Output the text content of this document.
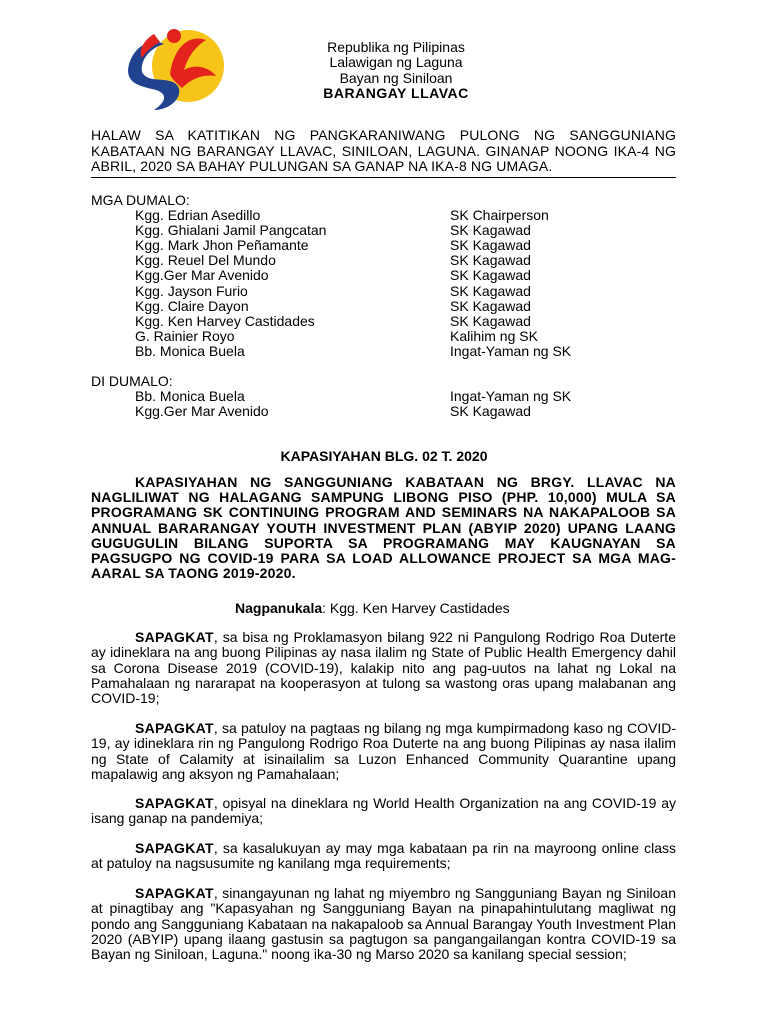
Republika ng Pilipinas
Lalawigan ng Laguna
Bayan ng Siniloan
BARANGAY LLAVAC
HALAW SA KATITIKAN NG PANGKARANIWANG PULONG NG SANGGUNIANG KABATAAN NG BARANGAY LLAVAC, SINILOAN, LAGUNA. GINANAP NOONG IKA-4 NG ABRIL, 2020 SA BAHAY PULUNGAN SA GANAP NA IKA-8 NG UMAGA.
MGA DUMALO:
Kgg. Edrian Asedillo	SK Chairperson
Kgg. Ghialani Jamil Pangcatan	SK Kagawad
Kgg. Mark Jhon Peñamante	SK Kagawad
Kgg. Reuel Del Mundo	SK Kagawad
Kgg.Ger Mar Avenido	SK Kagawad
Kgg. Jayson Furio	SK Kagawad
Kgg. Claire Dayon	SK Kagawad
Kgg. Ken Harvey Castidades	SK Kagawad
G. Rainier Royo	Kalihim ng SK
Bb. Monica Buela	Ingat-Yaman ng SK
DI DUMALO:
Bb. Monica Buela	Ingat-Yaman ng SK
Kgg.Ger Mar Avenido	SK Kagawad
KAPASIYAHAN BLG. 02 T. 2020
KAPASIYAHAN NG SANGGUNIANG KABATAAN NG BRGY. LLAVAC NA NAGLILIWAT NG HALAGANG SAMPUNG LIBONG PISO (PHP. 10,000) MULA SA PROGRAMANG SK CONTINUING PROGRAM AND SEMINARS NA NAKAPALOOB SA ANNUAL BARARANGAY YOUTH INVESTMENT PLAN (ABYIP 2020) UPANG LAANG GUGUGULIN BILANG SUPORTA SA PROGRAMANG MAY KAUGNAYAN SA PAGSUGPO NG COVID-19 PARA SA LOAD ALLOWANCE PROJECT SA MGA MAG-AARAL SA TAONG 2019-2020.
Nagpanukala: Kgg. Ken Harvey Castidades

SAPAGKAT, sa bisa ng Proklamasyon bilang 922 ni Pangulong Rodrigo Roa Duterte ay idineklara na ang buong Pilipinas ay nasa ilalim ng State of Public Health Emergency dahil sa Corona Disease 2019 (COVID-19), kalakip nito ang pag-uutos na lahat ng Lokal na Pamahalaan ng nararapat na kooperasyon at tulong sa wastong oras upang malabanan ang COVID-19;

SAPAGKAT, sa patuloy na pagtaas ng bilang ng mga kumpirmadong kaso ng COVID-19, ay idineklara rin ng Pangulong Rodrigo Roa Duterte na ang buong Pilipinas ay nasa ilalim ng State of Calamity at isinailalim sa Luzon Enhanced Community Quarantine upang mapalawig ang aksyon ng Pamahalaan;

SAPAGKAT, opisyal na dineklara ng World Health Organization na ang COVID-19 ay isang ganap na pandemiya;

SAPAGKAT, sa kasalukuyan ay may mga kabataan pa rin na mayroong online class at patuloy na nagsusumite ng kanilang mga requirements;

SAPAGKAT, sinangayunan ng lahat ng miyembro ng Sangguniang Bayan ng Siniloan at pinagtibay ang "Kapasyahan ng Sangguniang Bayan na pinapahintulutang magliwat ng pondo ang Sangguniang Kabataan na nakapaloob sa Annual Barangay Youth Investment Plan 2020 (ABYIP) upang ilaang gastusin sa pagtugon sa pangangailangan kontra COVID-19 sa Bayan ng Siniloan, Laguna." noong ika-30 ng Marso 2020 sa kanilang special session;
